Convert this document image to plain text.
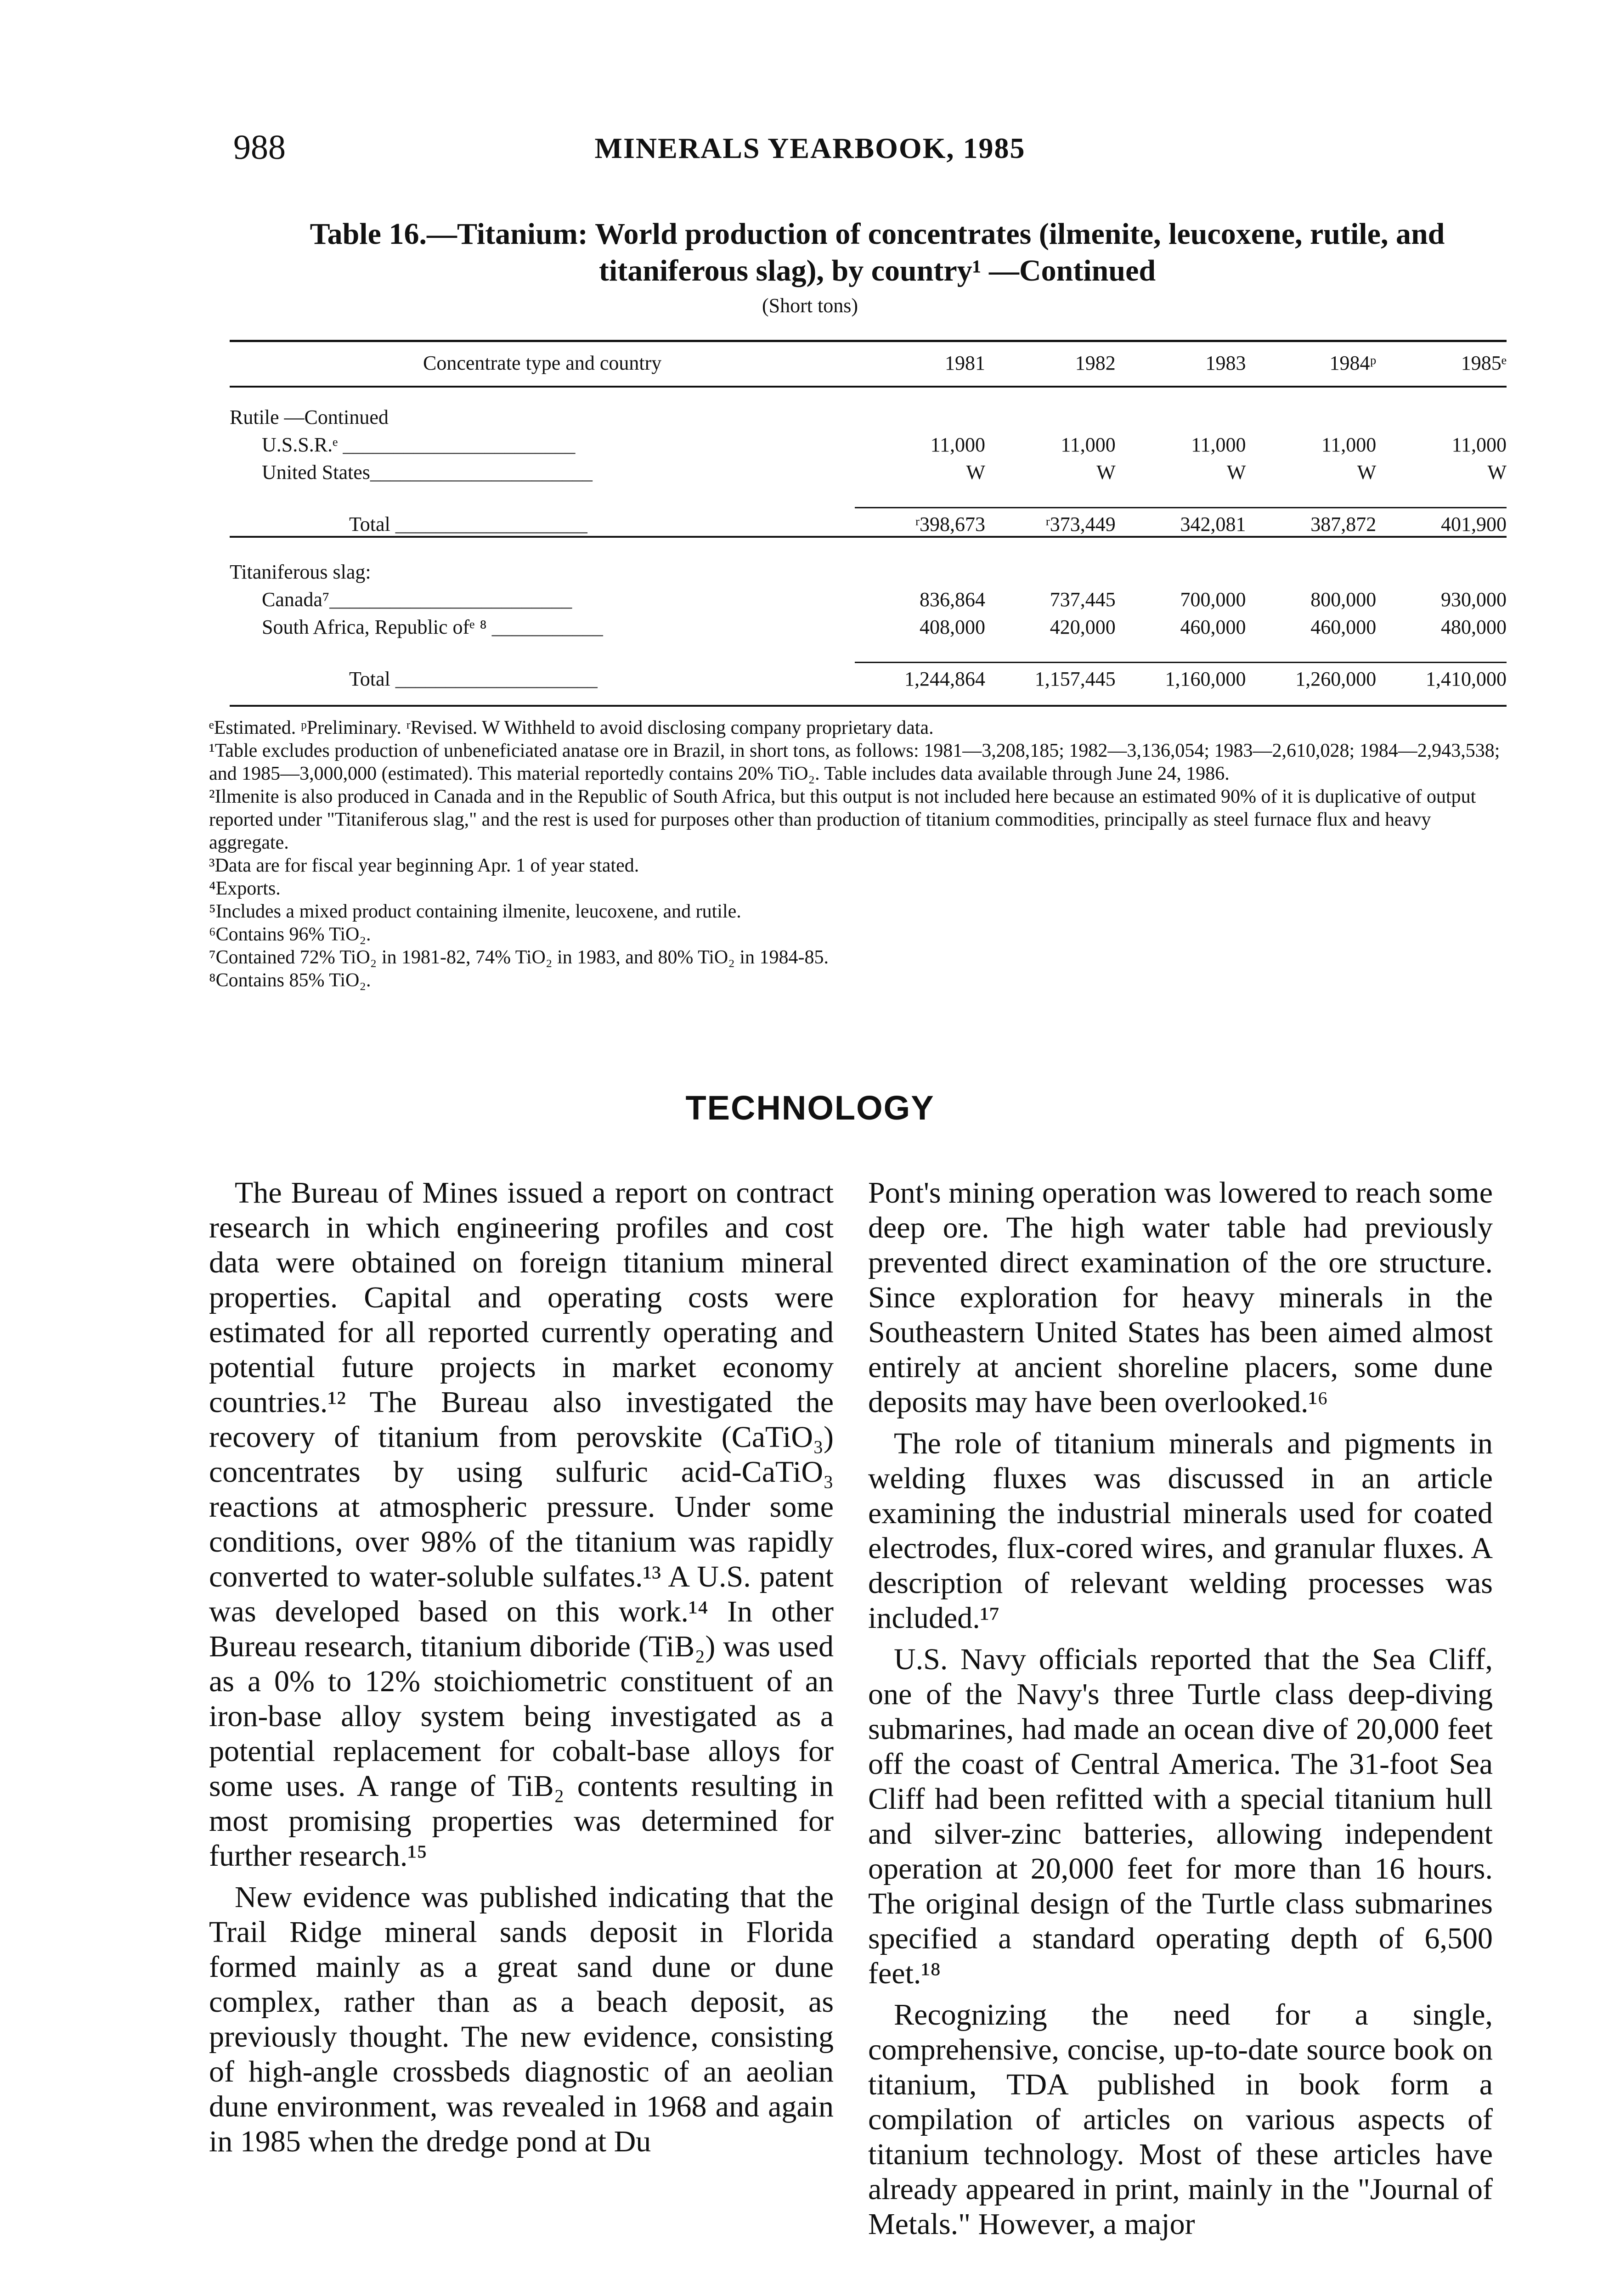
988	MINERALS YEARBOOK, 1985
Table 16.—Titanium: World production of concentrates (ilmenite, leucoxene, rutile, and titaniferous slag), by country¹ —Continued
(Short tons)
Concentrate type and country	1981	1982	1983	1984ᵖ	1985ᵉ
Rutile —Continued					
U.S.S.R.ᵉ _______________________	11,000	11,000	11,000	11,000	11,000
United States______________________	W	W	W	W	W

Total ___________________	ʳ398,673	ʳ373,449	342,081	387,872	401,900
Titaniferous slag:					
Canada⁷________________________	836,864	737,445	700,000	800,000	930,000
South Africa, Republic ofᵉ ⁸ ___________	408,000	420,000	460,000	460,000	480,000

Total ____________________	1,244,864	1,157,445	1,160,000	1,260,000	1,410,000

ᵉEstimated. ᵖPreliminary. ʳRevised. W Withheld to avoid disclosing company proprietary data.

¹Table excludes production of unbeneficiated anatase ore in Brazil, in short tons, as follows: 1981—3,208,185; 1982—3,136,054; 1983—2,610,028; 1984—2,943,538; and 1985—3,000,000 (estimated). This material reportedly contains 20% TiO₂. Table includes data available through June 24, 1986.

²Ilmenite is also produced in Canada and in the Republic of South Africa, but this output is not included here because an estimated 90% of it is duplicative of output reported under "Titaniferous slag," and the rest is used for purposes other than production of titanium commodities, principally as steel furnace flux and heavy aggregate.

³Data are for fiscal year beginning Apr. 1 of year stated.

⁴Exports.

⁵Includes a mixed product containing ilmenite, leucoxene, and rutile.

⁶Contains 96% TiO₂.

⁷Contained 72% TiO₂ in 1981-82, 74% TiO₂ in 1983, and 80% TiO₂ in 1984-85.

⁸Contains 85% TiO₂.

TECHNOLOGY

The Bureau of Mines issued a report on contract research in which engineering profiles and cost data were obtained on foreign titanium mineral properties. Capital and operating costs were estimated for all reported currently operating and potential future projects in market economy countries.¹² The Bureau also investigated the recovery of titanium from perovskite (CaTiO₃) concentrates by using sulfuric acid-CaTiO₃ reactions at atmospheric pressure. Under some conditions, over 98% of the titanium was rapidly converted to water-soluble sulfates.¹³ A U.S. patent was developed based on this work.¹⁴ In other Bureau research, titanium diboride (TiB₂) was used as a 0% to 12% stoichiometric constituent of an iron-base alloy system being investigated as a potential replacement for cobalt-base alloys for some uses. A range of TiB₂ contents resulting in most promising properties was determined for further research.¹⁵

New evidence was published indicating that the Trail Ridge mineral sands deposit in Florida formed mainly as a great sand dune or dune complex, rather than as a beach deposit, as previously thought. The new evidence, consisting of high-angle crossbeds diagnostic of an aeolian dune environment, was revealed in 1968 and again in 1985 when the dredge pond at Du

Pont's mining operation was lowered to reach some deep ore. The high water table had previously prevented direct examination of the ore structure. Since exploration for heavy minerals in the Southeastern United States has been aimed almost entirely at ancient shoreline placers, some dune deposits may have been overlooked.¹⁶

The role of titanium minerals and pigments in welding fluxes was discussed in an article examining the industrial minerals used for coated electrodes, flux-cored wires, and granular fluxes. A description of relevant welding processes was included.¹⁷

U.S. Navy officials reported that the Sea Cliff, one of the Navy's three Turtle class deep-diving submarines, had made an ocean dive of 20,000 feet off the coast of Central America. The 31-foot Sea Cliff had been refitted with a special titanium hull and silver-zinc batteries, allowing independent operation at 20,000 feet for more than 16 hours. The original design of the Turtle class submarines specified a standard operating depth of 6,500 feet.¹⁸

Recognizing the need for a single, comprehensive, concise, up-to-date source book on titanium, TDA published in book form a compilation of articles on various aspects of titanium technology. Most of these articles have already appeared in print, mainly in the "Journal of Metals." However, a major
